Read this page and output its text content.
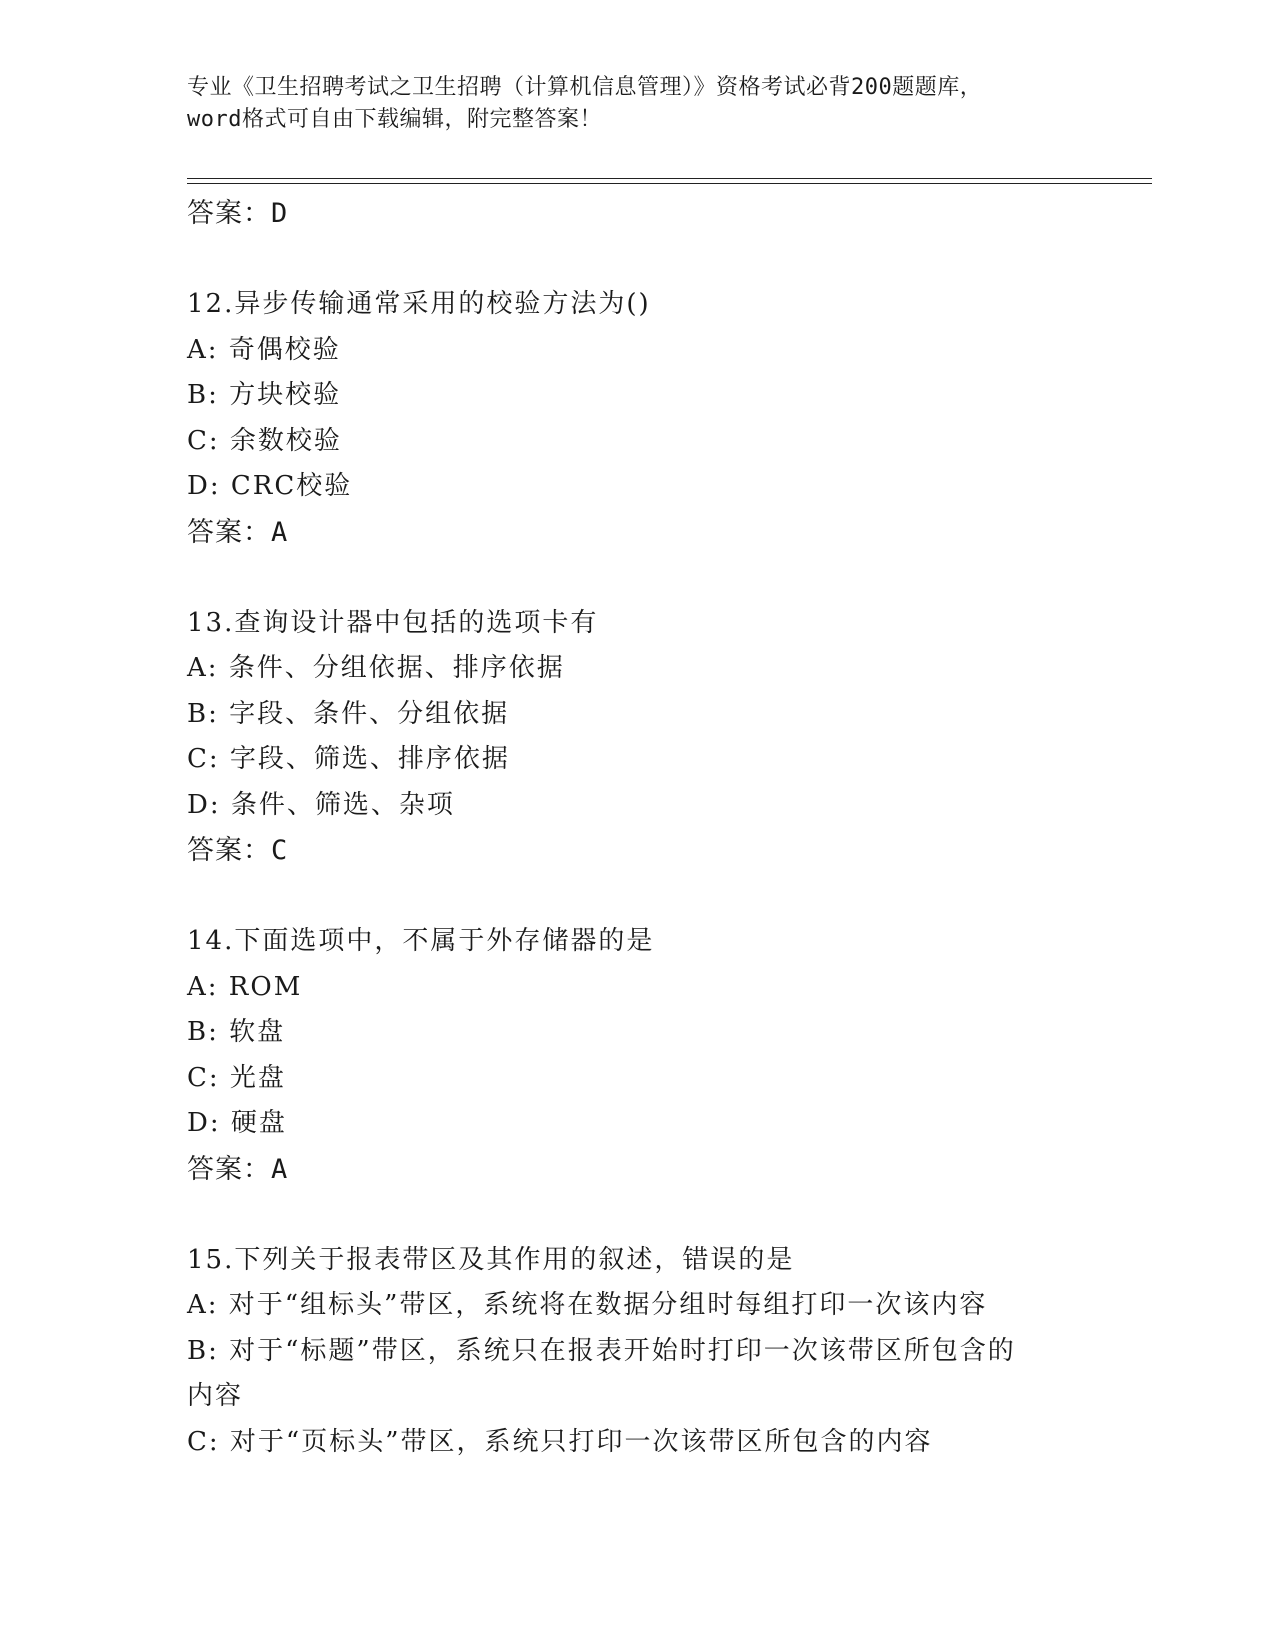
专业《卫生招聘考试之卫生招聘（计算机信息管理）》资格考试必背200题题库，
word格式可自由下载编辑，附完整答案！
答案：D
12.异步传输通常采用的校验方法为()
A: 奇偶校验
B: 方块校验
C: 余数校验
D: CRC校验
答案：A
13.查询设计器中包括的选项卡有
A: 条件、分组依据、排序依据
B: 字段、条件、分组依据
C: 字段、筛选、排序依据
D: 条件、筛选、杂项
答案：C
14.下面选项中，不属于外存储器的是
A: ROM
B: 软盘
C: 光盘
D: 硬盘
答案：A
15.下列关于报表带区及其作用的叙述，错误的是
A: 对于“组标头”带区，系统将在数据分组时每组打印一次该内容
B: 对于“标题”带区，系统只在报表开始时打印一次该带区所包含的
内容
C: 对于“页标头”带区，系统只打印一次该带区所包含的内容
